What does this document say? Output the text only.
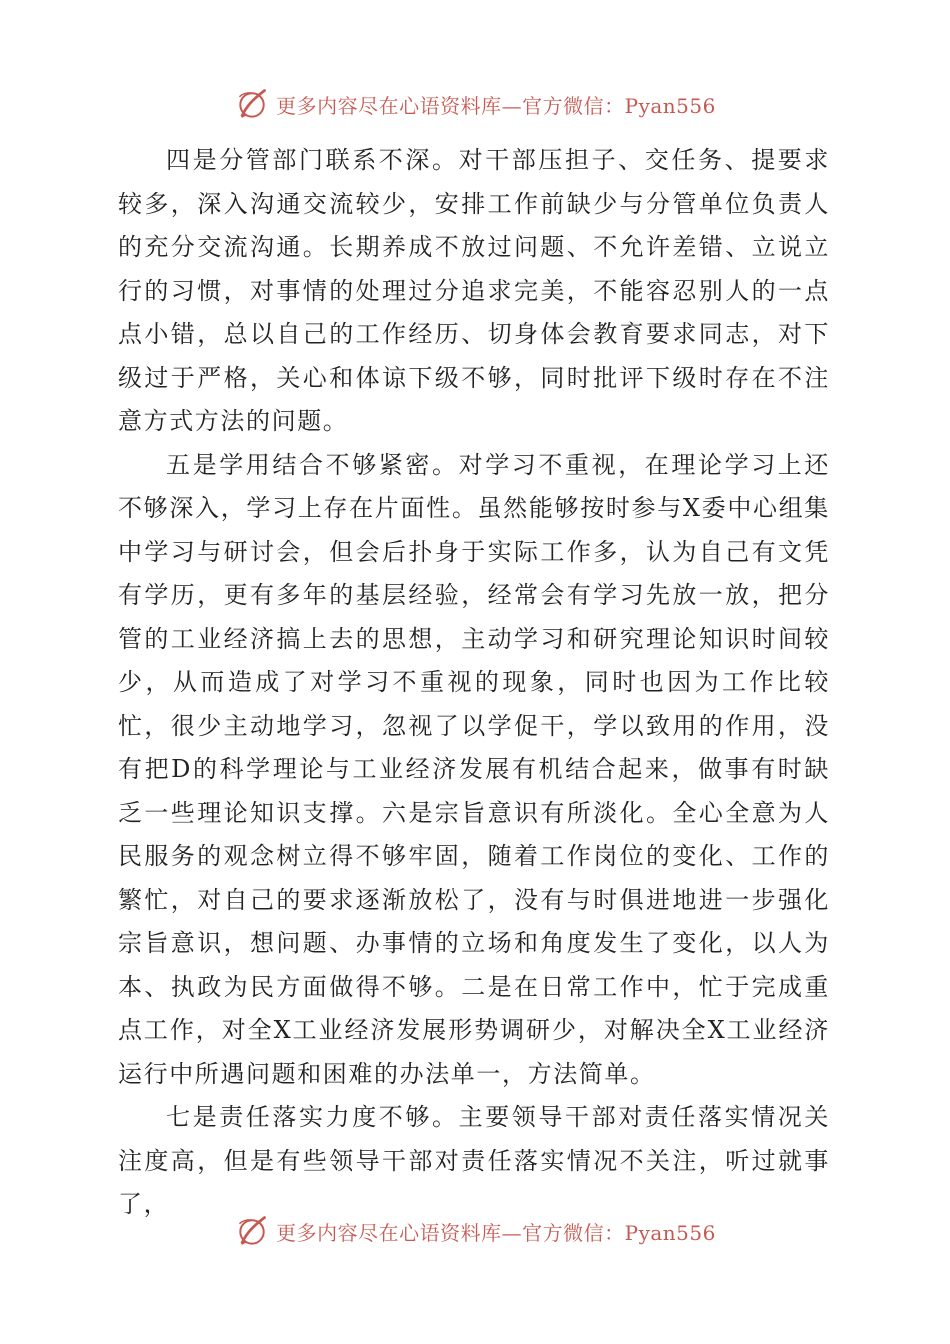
更多内容尽在心语资料库—官方微信：Pyan556

四是分管部门联系不深。对干部压担子、交任务、提要求较多，深入沟通交流较少，安排工作前缺少与分管单位负责人的充分交流沟通。长期养成不放过问题、不允许差错、立说立行的习惯，对事情的处理过分追求完美，不能容忍别人的一点点小错，总以自己的工作经历、切身体会教育要求同志，对下级过于严格，关心和体谅下级不够，同时批评下级时存在不注意方式方法的问题。

五是学用结合不够紧密。对学习不重视，在理论学习上还不够深入，学习上存在片面性。虽然能够按时参与X委中心组集中学习与研讨会，但会后扑身于实际工作多，认为自己有文凭有学历，更有多年的基层经验，经常会有学习先放一放，把分管的工业经济搞上去的思想，主动学习和研究理论知识时间较少，从而造成了对学习不重视的现象，同时也因为工作比较忙，很少主动地学习，忽视了以学促干，学以致用的作用，没有把D的科学理论与工业经济发展有机结合起来，做事有时缺乏一些理论知识支撑。六是宗旨意识有所淡化。全心全意为人民服务的观念树立得不够牢固，随着工作岗位的变化、工作的繁忙，对自己的要求逐渐放松了，没有与时俱进地进一步强化宗旨意识，想问题、办事情的立场和角度发生了变化，以人为本、执政为民方面做得不够。二是在日常工作中，忙于完成重点工作，对全X工业经济发展形势调研少，对解决全X工业经济运行中所遇问题和困难的办法单一，方法简单。

七是责任落实力度不够。主要领导干部对责任落实情况关注度高，但是有些领导干部对责任落实情况不关注，听过就事了，

更多内容尽在心语资料库—官方微信：Pyan556
